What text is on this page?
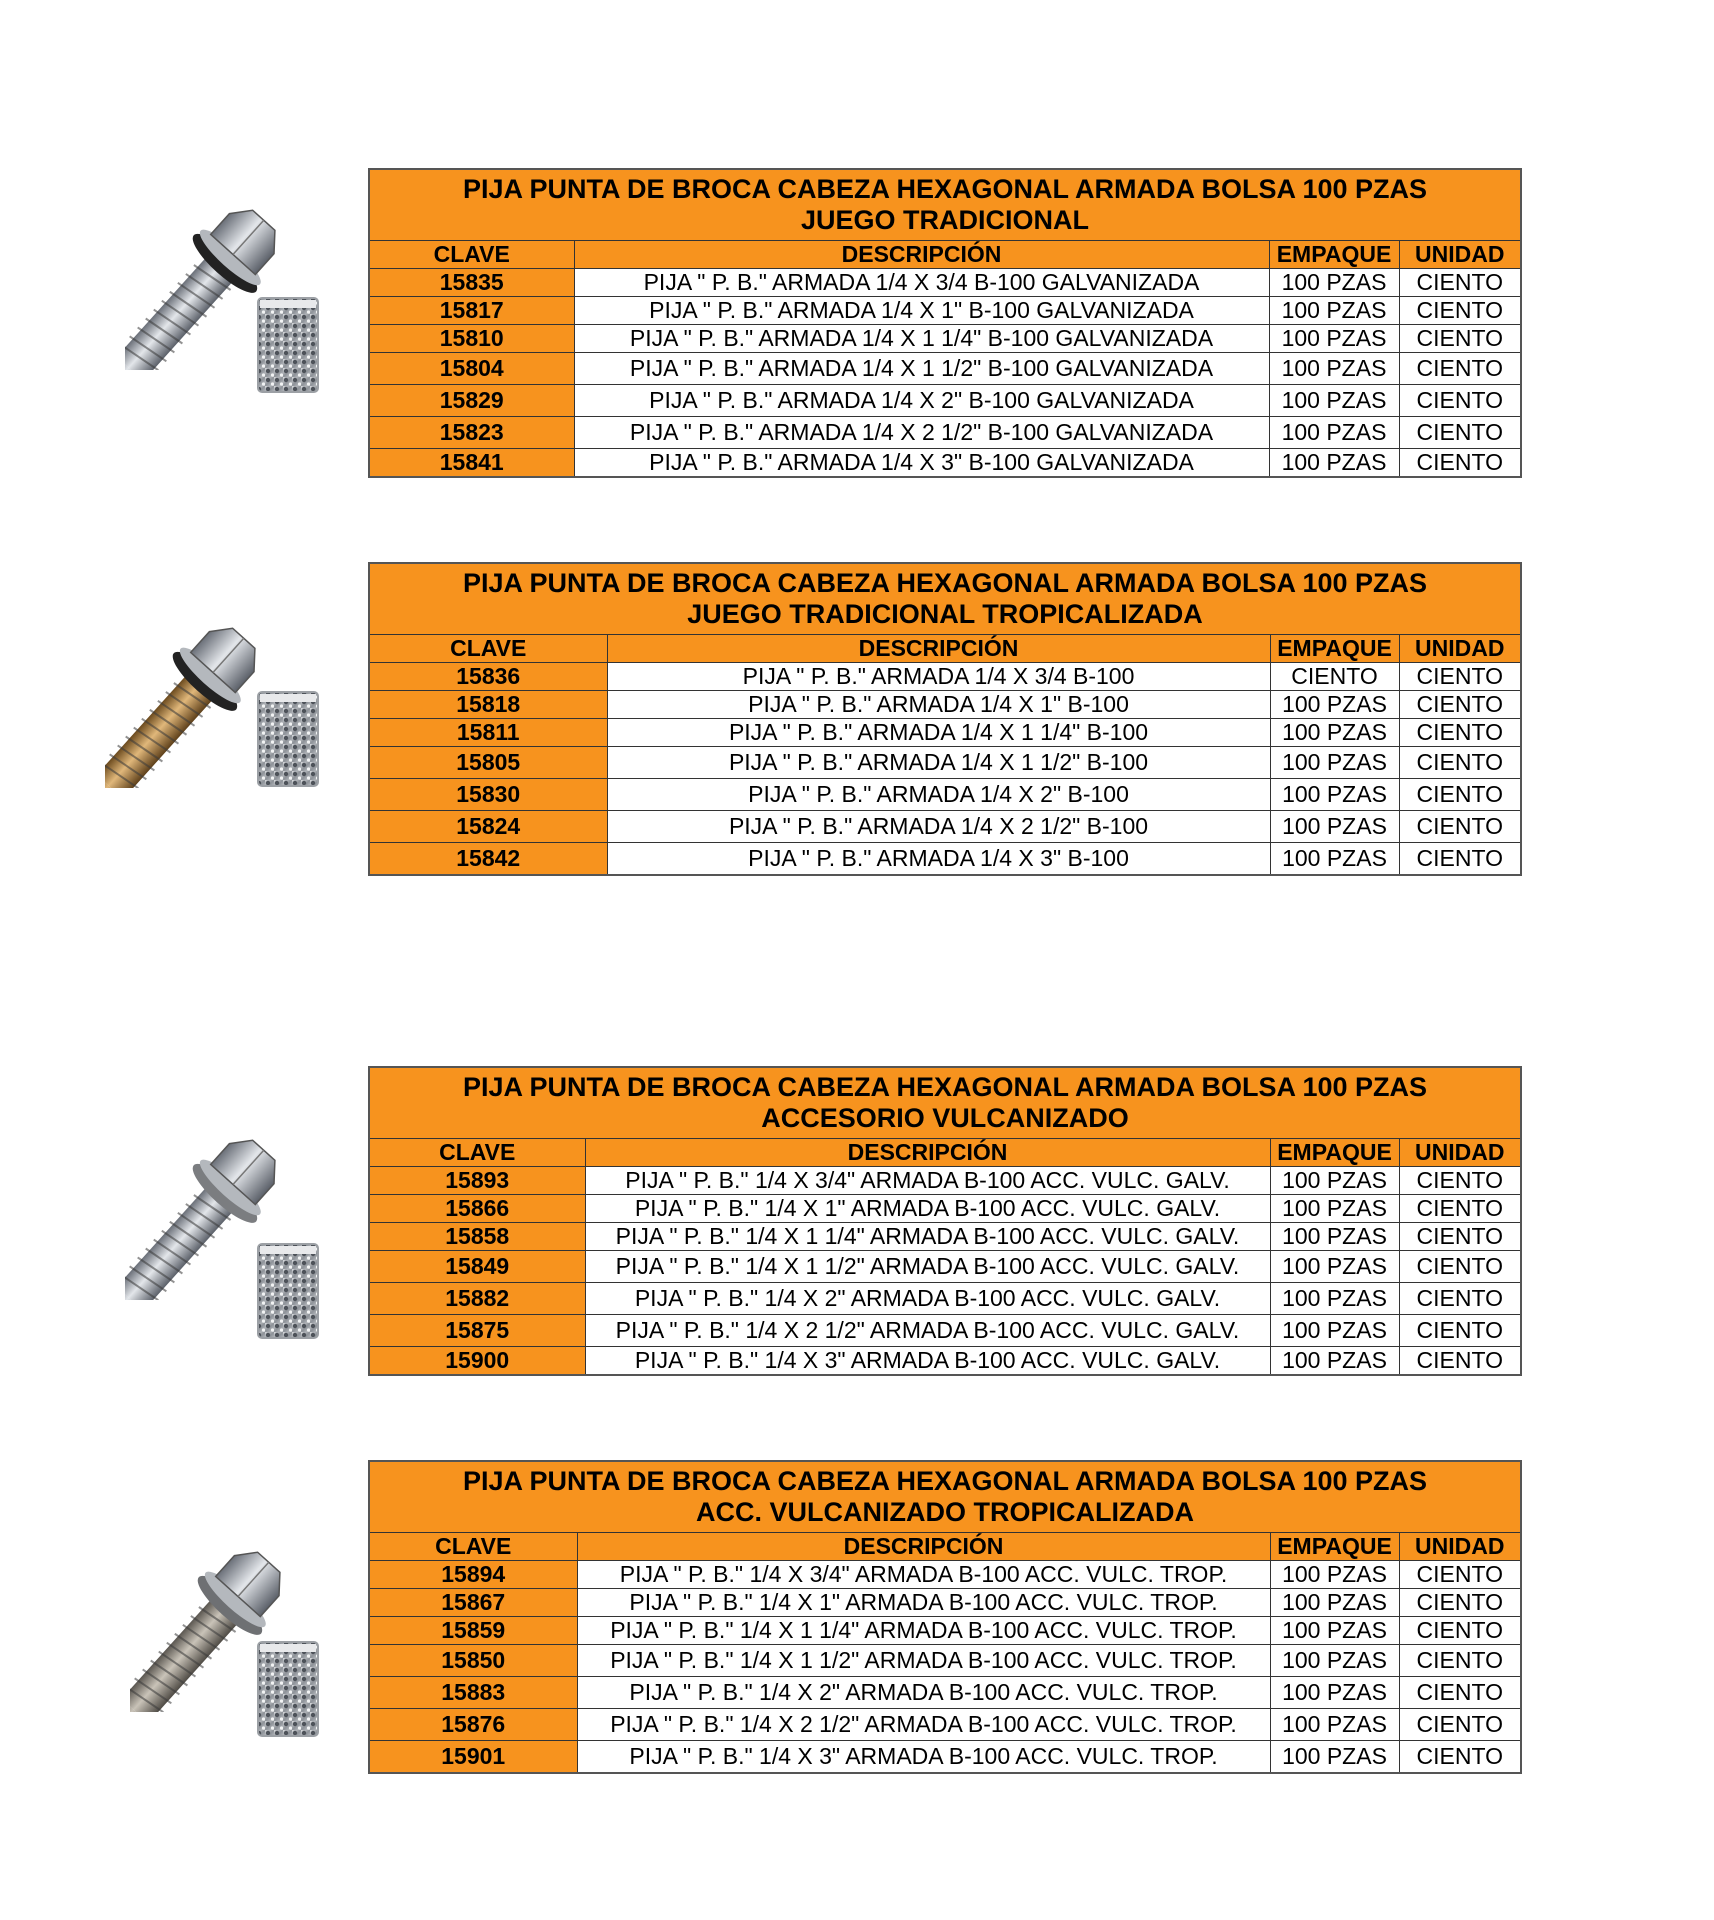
PIJA PUNTA DE BROCA CABEZA HEXAGONAL ARMADA BOLSA 100 PZAS
JUEGO TRADICIONAL			

CLAVE	DESCRIPCIÓN	EMPAQUE	UNIDAD
15835	PIJA " P. B." ARMADA 1/4 X 3/4 B-100 GALVANIZADA	100 PZAS	CIENTO
15817	PIJA " P. B." ARMADA 1/4 X 1" B-100 GALVANIZADA	100 PZAS	CIENTO
15810	PIJA " P. B." ARMADA 1/4 X 1 1/4" B-100 GALVANIZADA	100 PZAS	CIENTO
15804	PIJA " P. B." ARMADA 1/4 X 1 1/2" B-100 GALVANIZADA	100 PZAS	CIENTO
15829	PIJA " P. B." ARMADA 1/4 X 2" B-100 GALVANIZADA	100 PZAS	CIENTO
15823	PIJA " P. B." ARMADA 1/4 X 2 1/2" B-100 GALVANIZADA	100 PZAS	CIENTO
15841	PIJA " P. B." ARMADA 1/4 X 3" B-100 GALVANIZADA	100 PZAS	CIENTO
PIJA PUNTA DE BROCA CABEZA HEXAGONAL ARMADA BOLSA 100 PZAS
JUEGO TRADICIONAL TROPICALIZADA			

CLAVE	DESCRIPCIÓN	EMPAQUE	UNIDAD
15836	PIJA " P. B." ARMADA 1/4 X 3/4 B-100	CIENTO	CIENTO
15818	PIJA " P. B." ARMADA 1/4 X 1" B-100	100 PZAS	CIENTO
15811	PIJA " P. B." ARMADA 1/4 X 1 1/4" B-100	100 PZAS	CIENTO
15805	PIJA " P. B." ARMADA 1/4 X 1 1/2" B-100	100 PZAS	CIENTO
15830	PIJA " P. B." ARMADA 1/4 X 2" B-100	100 PZAS	CIENTO
15824	PIJA " P. B." ARMADA 1/4 X 2 1/2" B-100	100 PZAS	CIENTO
15842	PIJA " P. B." ARMADA 1/4 X 3" B-100	100 PZAS	CIENTO
PIJA PUNTA DE BROCA CABEZA HEXAGONAL ARMADA BOLSA 100 PZAS
ACCESORIO VULCANIZADO			

CLAVE	DESCRIPCIÓN	EMPAQUE	UNIDAD
15893	PIJA " P. B." 1/4 X 3/4" ARMADA B-100 ACC. VULC. GALV.	100 PZAS	CIENTO
15866	PIJA " P. B." 1/4 X 1" ARMADA B-100 ACC. VULC. GALV.	100 PZAS	CIENTO
15858	PIJA " P. B." 1/4 X 1 1/4" ARMADA B-100 ACC. VULC. GALV.	100 PZAS	CIENTO
15849	PIJA " P. B." 1/4 X 1 1/2" ARMADA B-100 ACC. VULC. GALV.	100 PZAS	CIENTO
15882	PIJA " P. B." 1/4 X 2" ARMADA B-100 ACC. VULC. GALV.	100 PZAS	CIENTO
15875	PIJA " P. B." 1/4 X 2 1/2" ARMADA B-100 ACC. VULC. GALV.	100 PZAS	CIENTO
15900	PIJA " P. B." 1/4 X 3" ARMADA B-100 ACC. VULC. GALV.	100 PZAS	CIENTO
PIJA PUNTA DE BROCA CABEZA HEXAGONAL ARMADA BOLSA 100 PZAS
ACC. VULCANIZADO TROPICALIZADA			

CLAVE	DESCRIPCIÓN	EMPAQUE	UNIDAD
15894	PIJA " P. B." 1/4 X 3/4" ARMADA B-100 ACC. VULC. TROP.	100 PZAS	CIENTO
15867	PIJA " P. B." 1/4 X 1" ARMADA B-100 ACC. VULC. TROP.	100 PZAS	CIENTO
15859	PIJA " P. B." 1/4 X 1 1/4" ARMADA B-100 ACC. VULC. TROP.	100 PZAS	CIENTO
15850	PIJA " P. B." 1/4 X 1 1/2" ARMADA B-100 ACC. VULC. TROP.	100 PZAS	CIENTO
15883	PIJA " P. B." 1/4 X 2" ARMADA B-100 ACC. VULC. TROP.	100 PZAS	CIENTO
15876	PIJA " P. B." 1/4 X 2 1/2" ARMADA B-100 ACC. VULC. TROP.	100 PZAS	CIENTO
15901	PIJA " P. B." 1/4 X 3" ARMADA B-100 ACC. VULC. TROP.	100 PZAS	CIENTO
